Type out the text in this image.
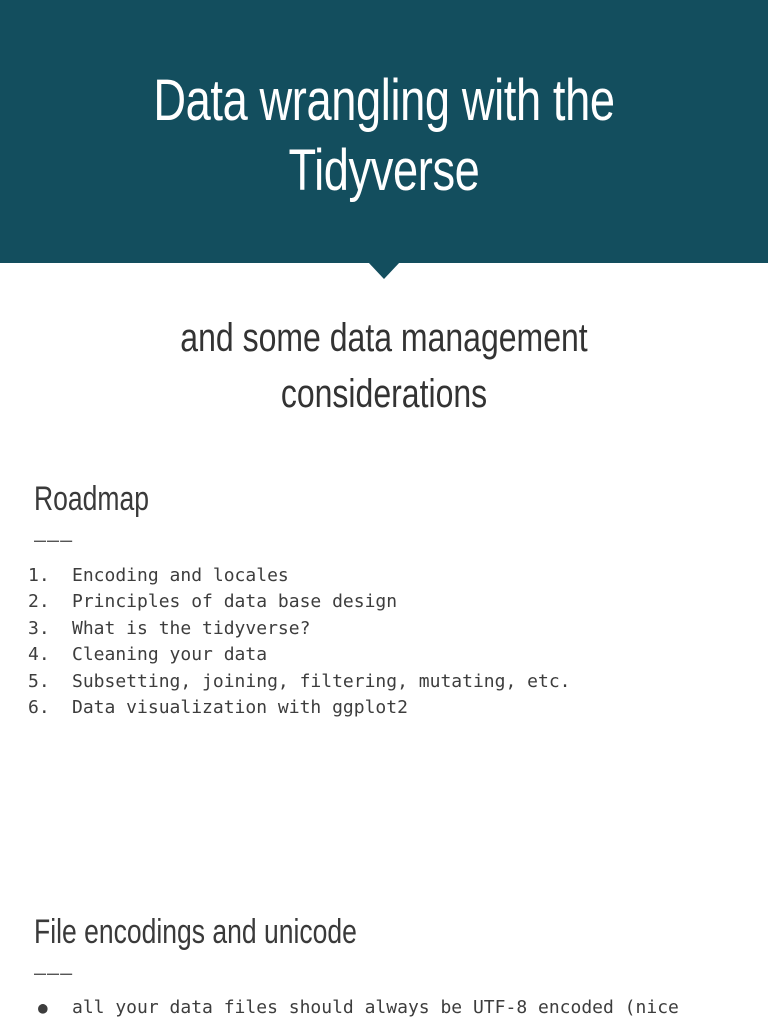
Data wrangling with the Tidyverse
and some data management considerations
Roadmap
———
1.	Encoding and locales
2.	Principles of data base design
3.	What is the tidyverse?
4.	Cleaning your data
5.	Subsetting, joining, filtering, mutating, etc.
6.	Data visualization with ggplot2
File encodings and unicode
———
●	all your data files should always be UTF-8 encoded (nice
